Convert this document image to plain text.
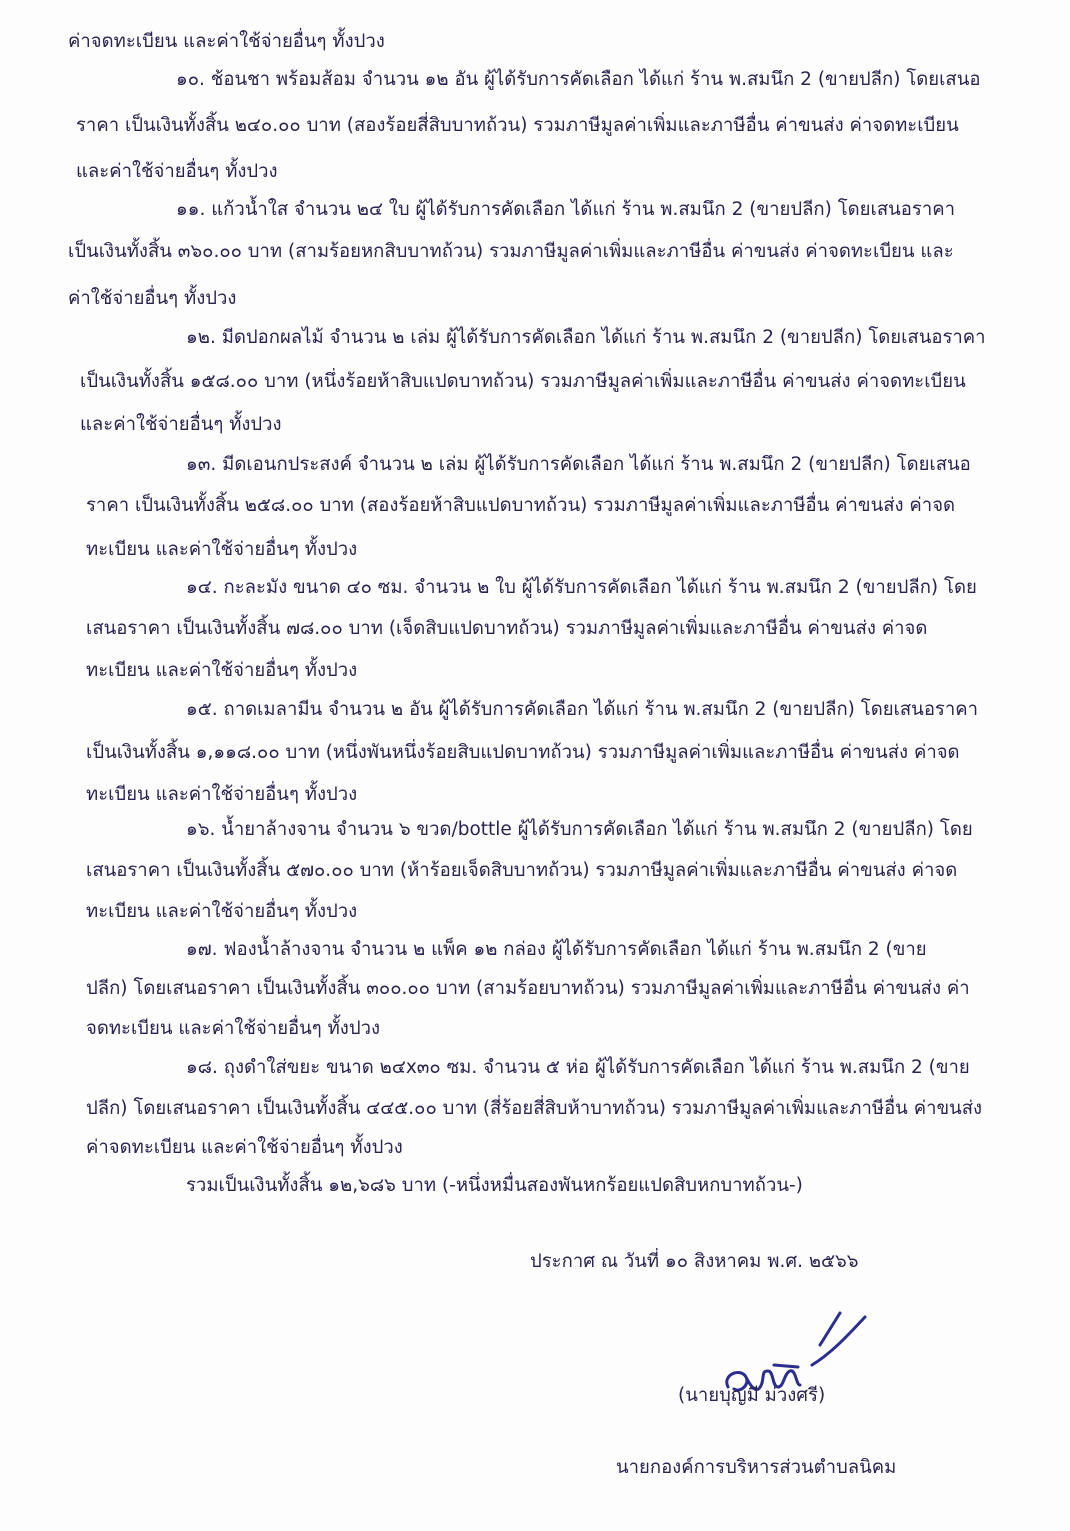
ค่าจดทะเบียน และค่าใช้จ่ายอื่นๆ ทั้งปวง
๑๐. ช้อนชา พร้อมส้อม จำนวน ๑๒ อัน ผู้ได้รับการคัดเลือก ได้แก่ ร้าน พ.สมนึก 2 (ขายปลีก) โดยเสนอ
ราคา เป็นเงินทั้งสิ้น ๒๔๐.๐๐ บาท (สองร้อยสี่สิบบาทถ้วน) รวมภาษีมูลค่าเพิ่มและภาษีอื่น ค่าขนส่ง ค่าจดทะเบียน
และค่าใช้จ่ายอื่นๆ ทั้งปวง
๑๑. แก้วน้ำใส จำนวน ๒๔ ใบ ผู้ได้รับการคัดเลือก ได้แก่ ร้าน พ.สมนึก 2 (ขายปลีก) โดยเสนอราคา
เป็นเงินทั้งสิ้น ๓๖๐.๐๐ บาท (สามร้อยหกสิบบาทถ้วน) รวมภาษีมูลค่าเพิ่มและภาษีอื่น ค่าขนส่ง ค่าจดทะเบียน และ
ค่าใช้จ่ายอื่นๆ ทั้งปวง
๑๒. มีดปอกผลไม้ จำนวน ๒ เล่ม ผู้ได้รับการคัดเลือก ได้แก่ ร้าน พ.สมนึก 2 (ขายปลีก) โดยเสนอราคา
เป็นเงินทั้งสิ้น ๑๕๘.๐๐ บาท (หนึ่งร้อยห้าสิบแปดบาทถ้วน) รวมภาษีมูลค่าเพิ่มและภาษีอื่น ค่าขนส่ง ค่าจดทะเบียน
และค่าใช้จ่ายอื่นๆ ทั้งปวง
๑๓. มีดเอนกประสงค์ จำนวน ๒ เล่ม ผู้ได้รับการคัดเลือก ได้แก่ ร้าน พ.สมนึก 2 (ขายปลีก) โดยเสนอ
ราคา เป็นเงินทั้งสิ้น ๒๕๘.๐๐ บาท (สองร้อยห้าสิบแปดบาทถ้วน) รวมภาษีมูลค่าเพิ่มและภาษีอื่น ค่าขนส่ง ค่าจด
ทะเบียน และค่าใช้จ่ายอื่นๆ ทั้งปวง
๑๔. กะละมัง ขนาด ๔๐ ซม. จำนวน ๒ ใบ ผู้ได้รับการคัดเลือก ได้แก่ ร้าน พ.สมนึก 2 (ขายปลีก) โดย
เสนอราคา เป็นเงินทั้งสิ้น ๗๘.๐๐ บาท (เจ็ดสิบแปดบาทถ้วน) รวมภาษีมูลค่าเพิ่มและภาษีอื่น ค่าขนส่ง ค่าจด
ทะเบียน และค่าใช้จ่ายอื่นๆ ทั้งปวง
๑๕. ถาดเมลามีน จำนวน ๒ อัน ผู้ได้รับการคัดเลือก ได้แก่ ร้าน พ.สมนึก 2 (ขายปลีก) โดยเสนอราคา
เป็นเงินทั้งสิ้น ๑,๑๑๘.๐๐ บาท (หนึ่งพันหนึ่งร้อยสิบแปดบาทถ้วน) รวมภาษีมูลค่าเพิ่มและภาษีอื่น ค่าขนส่ง ค่าจด
ทะเบียน และค่าใช้จ่ายอื่นๆ ทั้งปวง
๑๖. น้ำยาล้างจาน จำนวน ๖ ขวด/bottle ผู้ได้รับการคัดเลือก ได้แก่ ร้าน พ.สมนึก 2 (ขายปลีก) โดย
เสนอราคา เป็นเงินทั้งสิ้น ๕๗๐.๐๐ บาท (ห้าร้อยเจ็ดสิบบาทถ้วน) รวมภาษีมูลค่าเพิ่มและภาษีอื่น ค่าขนส่ง ค่าจด
ทะเบียน และค่าใช้จ่ายอื่นๆ ทั้งปวง
๑๗. ฟองน้ำล้างจาน จำนวน ๒ แพ็ค ๑๒ กล่อง ผู้ได้รับการคัดเลือก ได้แก่ ร้าน พ.สมนึก 2 (ขาย
ปลีก) โดยเสนอราคา เป็นเงินทั้งสิ้น ๓๐๐.๐๐ บาท (สามร้อยบาทถ้วน) รวมภาษีมูลค่าเพิ่มและภาษีอื่น ค่าขนส่ง ค่า
จดทะเบียน และค่าใช้จ่ายอื่นๆ ทั้งปวง
๑๘. ถุงดำใส่ขยะ ขนาด ๒๔x๓๐ ซม. จำนวน ๕ ห่อ ผู้ได้รับการคัดเลือก ได้แก่ ร้าน พ.สมนึก 2 (ขาย
ปลีก) โดยเสนอราคา เป็นเงินทั้งสิ้น ๔๔๕.๐๐ บาท (สี่ร้อยสี่สิบห้าบาทถ้วน) รวมภาษีมูลค่าเพิ่มและภาษีอื่น ค่าขนส่ง
ค่าจดทะเบียน และค่าใช้จ่ายอื่นๆ ทั้งปวง
รวมเป็นเงินทั้งสิ้น ๑๒,๖๘๖ บาท (-หนึ่งหมื่นสองพันหกร้อยแปดสิบหกบาทถ้วน-)
ประกาศ ณ วันที่ ๑๐ สิงหาคม พ.ศ. ๒๕๖๖
(นายบุญมี ม่วงศรี)
นายกองค์การบริหารส่วนตำบลนิคม
